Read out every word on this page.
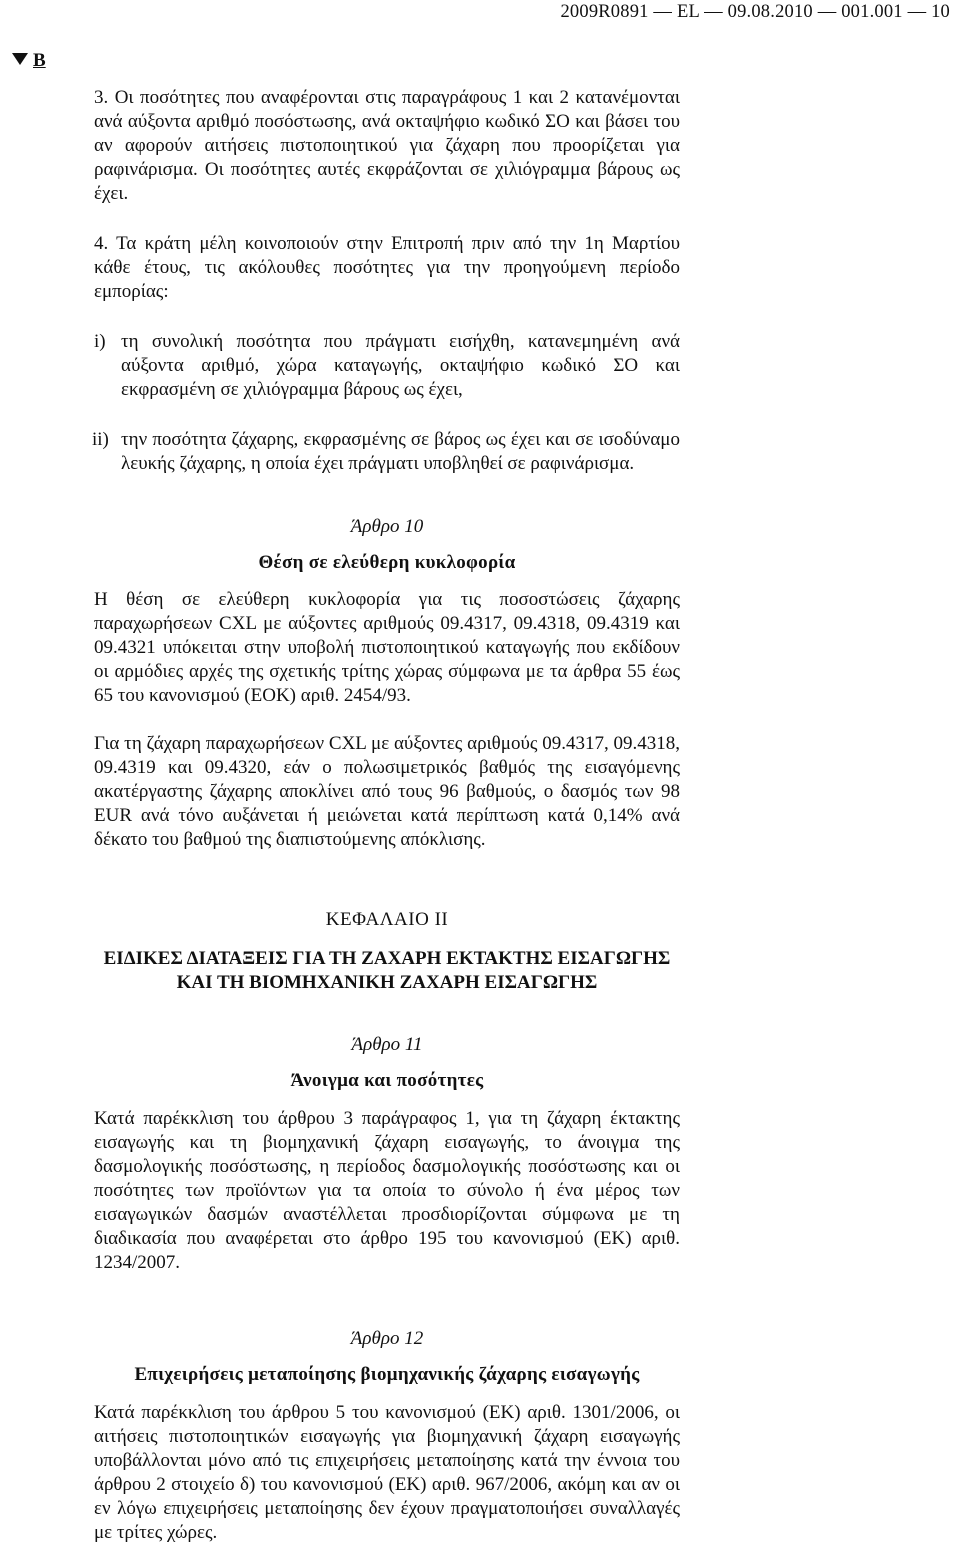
2009R0891 — EL — 09.08.2010 — 001.001 — 10
B

3. Οι ποσότητες που αναφέρονται στις παραγράφους 1 και 2 κατανέμονται ανά αύξοντα αριθμό ποσόστωσης, ανά οκταψήφιο κωδικό ΣΟ και βάσει του αν αφορούν αιτήσεις πιστοποιητικού για ζάχαρη που προορίζεται για ραφινάρισμα. Οι ποσότητες αυτές εκφράζονται σε χιλιόγραμμα βάρους ως έχει.

4. Τα κράτη μέλη κοινοποιούν στην Επιτροπή πριν από την 1η Μαρτίου κάθε έτους, τις ακόλουθες ποσότητες για την προηγούμενη περίοδο εμπορίας:

i) τη συνολική ποσότητα που πράγματι εισήχθη, κατανεμημένη ανά αύξοντα αριθμό, χώρα καταγωγής, οκταψήφιο κωδικό ΣΟ και εκφρασμένη σε χιλιόγραμμα βάρους ως έχει,
ii) την ποσότητα ζάχαρης, εκφρασμένης σε βάρος ως έχει και σε ισοδύναμο λευκής ζάχαρης, η οποία έχει πράγματι υποβληθεί σε ραφινάρισμα.

Άρθρο 10

Θέση σε ελεύθερη κυκλοφορία

Η θέση σε ελεύθερη κυκλοφορία για τις ποσοστώσεις ζάχαρης παραχωρήσεων CXL με αύξοντες αριθμούς 09.4317, 09.4318, 09.4319 και 09.4321 υπόκειται στην υποβολή πιστοποιητικού καταγωγής που εκδίδουν οι αρμόδιες αρχές της σχετικής τρίτης χώρας σύμφωνα με τα άρθρα 55 έως 65 του κανονισμού (ΕΟΚ) αριθ. 2454/93.

Για τη ζάχαρη παραχωρήσεων CXL με αύξοντες αριθμούς 09.4317, 09.4318, 09.4319 και 09.4320, εάν ο πολωσιμετρικός βαθμός της εισαγόμενης ακατέργαστης ζάχαρης αποκλίνει από τους 96 βαθμούς, ο δασμός των 98 EUR ανά τόνο αυξάνεται ή μειώνεται κατά περίπτωση κατά 0,14% ανά δέκατο του βαθμού της διαπιστούμενης απόκλισης.

ΚΕΦΑΛΑΙΟ II

ΕΙΔΙΚΕΣ ΔΙΑΤΑΞΕΙΣ ΓΙΑ ΤΗ ΖΑΧΑΡΗ ΕΚΤΑΚΤΗΣ ΕΙΣΑΓΩΓΗΣ ΚΑΙ ΤΗ ΒΙΟΜΗΧΑΝΙΚΗ ΖΑΧΑΡΗ ΕΙΣΑΓΩΓΗΣ

Άρθρο 11

Άνοιγμα και ποσότητες

Κατά παρέκκλιση του άρθρου 3 παράγραφος 1, για τη ζάχαρη έκτακτης εισαγωγής και τη βιομηχανική ζάχαρη εισαγωγής, το άνοιγμα της δασμολογικής ποσόστωσης, η περίοδος δασμολογικής ποσόστωσης και οι ποσότητες των προϊόντων για τα οποία το σύνολο ή ένα μέρος των εισαγωγικών δασμών αναστέλλεται προσδιορίζονται σύμφωνα με τη διαδικασία που αναφέρεται στο άρθρο 195 του κανονισμού (ΕΚ) αριθ. 1234/2007.

Άρθρο 12

Επιχειρήσεις μεταποίησης βιομηχανικής ζάχαρης εισαγωγής

Κατά παρέκκλιση του άρθρου 5 του κανονισμού (ΕΚ) αριθ. 1301/2006, οι αιτήσεις πιστοποιητικών εισαγωγής για βιομηχανική ζάχαρη εισαγωγής υποβάλλονται μόνο από τις επιχειρήσεις μεταποίησης κατά την έννοια του άρθρου 2 στοιχείο δ) του κανονισμού (ΕΚ) αριθ. 967/2006, ακόμη και αν οι εν λόγω επιχειρήσεις μεταποίησης δεν έχουν πραγματοποιήσει συναλλαγές με τρίτες χώρες.
